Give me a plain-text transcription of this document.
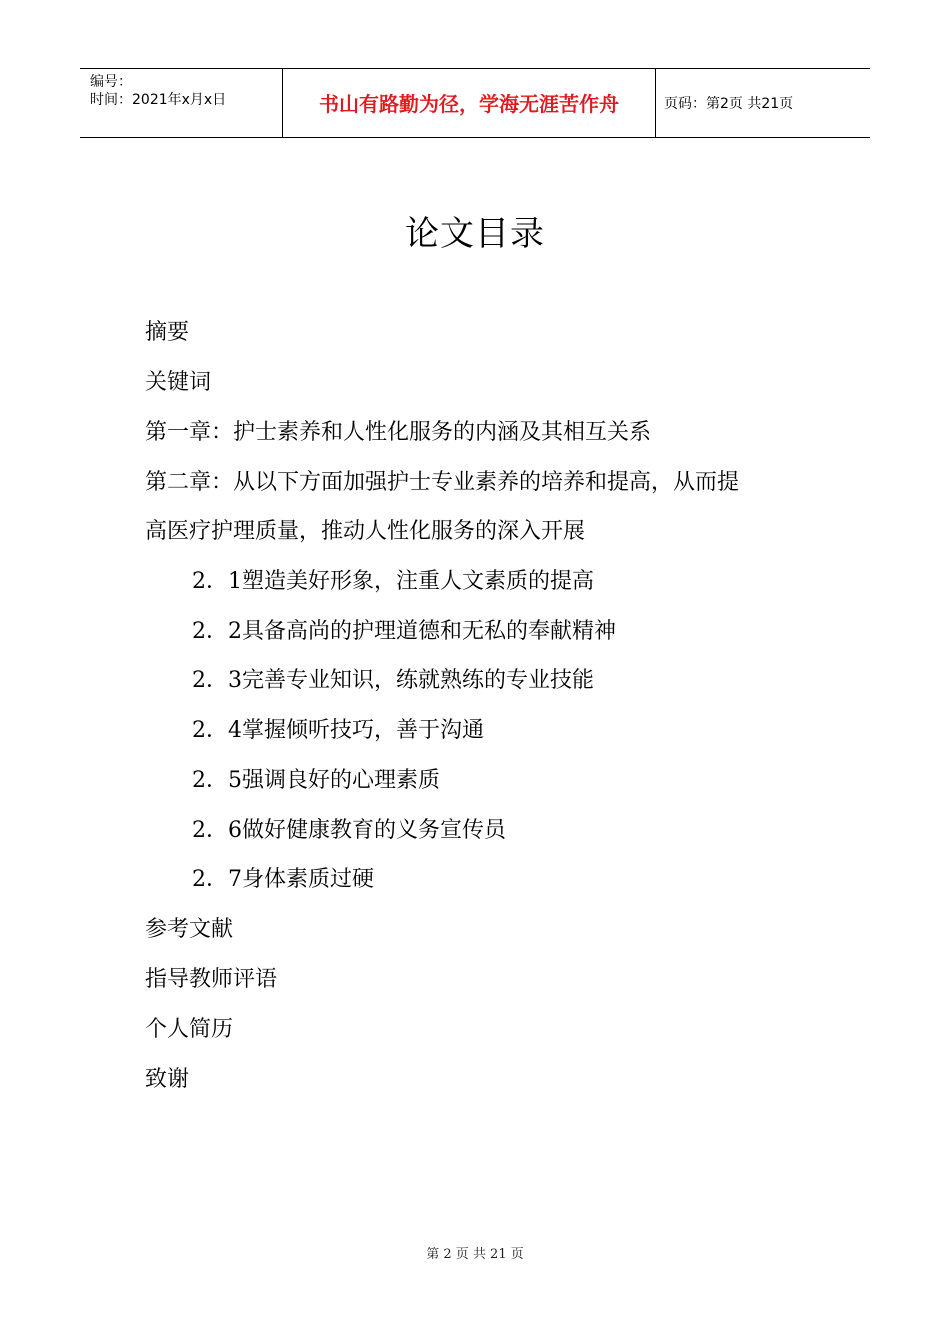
编号：
时间：2021年x月x日	书山有路勤为径，学海无涯苦作舟	页码：第2页 共21页
论文目录
摘要
关键词
第一章：护士素养和人性化服务的内涵及其相互关系
第二章：从以下方面加强护士专业素养的培养和提高，从而提
高医疗护理质量，推动人性化服务的深入开展
2．1塑造美好形象，注重人文素质的提高
2．2具备高尚的护理道德和无私的奉献精神
2．3完善专业知识，练就熟练的专业技能
2．4掌握倾听技巧，善于沟通
2．5强调良好的心理素质
2．6做好健康教育的义务宣传员
2．7身体素质过硬
参考文献
指导教师评语
个人简历
致谢
第 2 页 共 21 页
